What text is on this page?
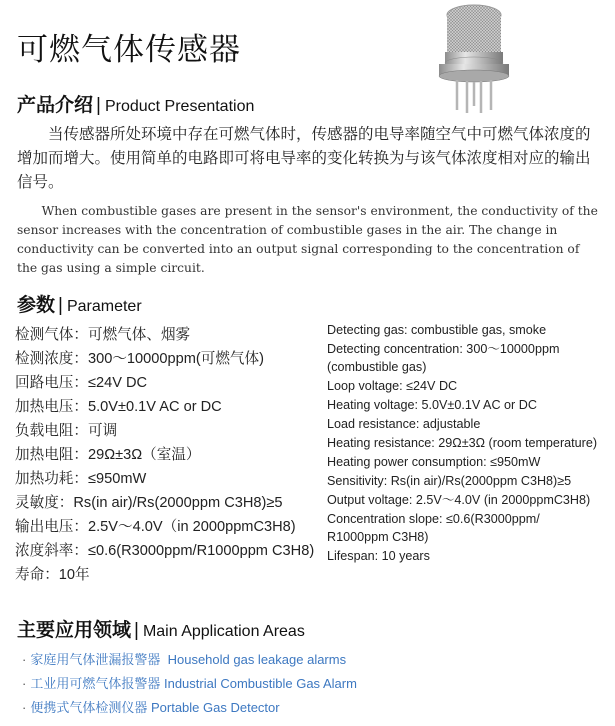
可燃气体传感器
产品介绍 | Product Presentation

当传感器所处环境中存在可燃气体时，传感器的电导率随空气中可燃气体浓度的增加而增大。使用简单的电路即可将电导率的变化转换为与该气体浓度相对应的输出信号。

When combustible gases are present in the sensor's environment, the conductivity of the sensor increases with the concentration of combustible gases in the air. The change in conductivity can be converted into an output signal corresponding to the concentration of the gas using a simple circuit.

参数 | Parameter
检测气体：可燃气体、烟雾
检测浓度：300～10000ppm(可燃气体)
回路电压：≤24V DC
加热电压：5.0V±0.1V AC or DC
负载电阻：可调
加热电阻：29Ω±3Ω（室温）
加热功耗：≤950mW
灵敏度：Rs(in air)/Rs(2000ppm C3H8)≥5
输出电压：2.5V～4.0V（in 2000ppmC3H8)
浓度斜率：≤0.6(R3000ppm/R1000ppm C3H8)
寿命：10年
Detecting gas: combustible gas, smoke
Detecting concentration: 300～10000ppm (combustible gas)
Loop voltage: ≤24V DC
Heating voltage: 5.0V±0.1V AC or DC
Load resistance: adjustable
Heating resistance: 29Ω±3Ω (room temperature)
Heating power consumption: ≤950mW
Sensitivity: Rs(in air)/Rs(2000ppm C3H8)≥5
Output voltage: 2.5V～4.0V (in 2000ppmC3H8)
Concentration slope: ≤0.6(R3000ppm/ R1000ppm C3H8)
Lifespan: 10 years
主要应用领域 | Main Application Areas
· 家庭用气体泄漏报警器 Household gas leakage alarms
· 工业用可燃气体报警器 Industrial Combustible Gas Alarm
· 便携式气体检测仪器 Portable Gas Detector
